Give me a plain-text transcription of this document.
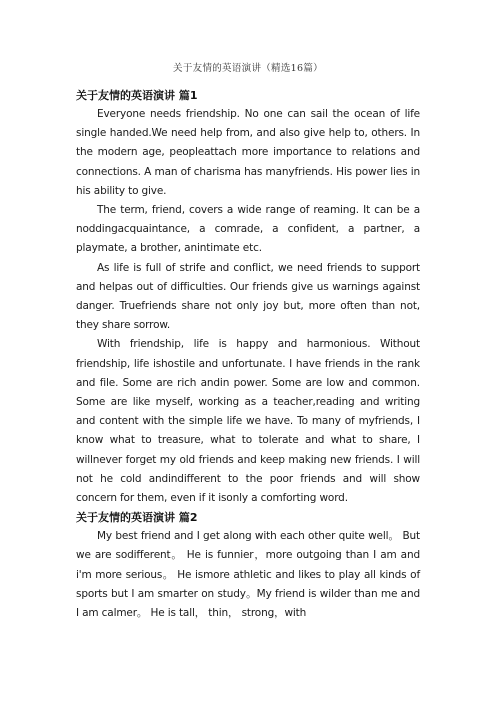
关于友情的英语演讲（精选16篇）
关于友情的英语演讲 篇1

Everyone needs friendship. No one can sail the ocean of life single handed.We need help from, and also give help to, others. In the modern age, peopleattach more importance to relations and connections. A man of charisma has manyfriends. His power lies in his ability to give.

The term, friend, covers a wide range of reaming. It can be a noddingacquaintance, a comrade, a confident, a partner, a playmate, a brother, anintimate etc.

As life is full of strife and conflict, we need friends to support and helpas out of difficulties. Our friends give us warnings against danger. Truefriends share not only joy but, more often than not, they share sorrow.

With friendship, life is happy and harmonious. Without friendship, life ishostile and unfortunate. I have friends in the rank and file. Some are rich andin power. Some are low and common. Some are like myself, working as a teacher,reading and writing and content with the simple life we have. To many of myfriends, I know what to treasure, what to tolerate and what to share, I willnever forget my old friends and keep making new friends. I will not he cold andindifferent to the poor friends and will show concern for them, even if it isonly a comforting word.

关于友情的英语演讲 篇2

My best friend and I get along with each other quite well。 But we are sodifferent。 He is funnier，more outgoing than I am and i'm more serious。 He ismore athletic and likes to play all kinds of sports but I am smarter on study。My friend is wilder than me and I am calmer。 He is tall， thin， strong，with
